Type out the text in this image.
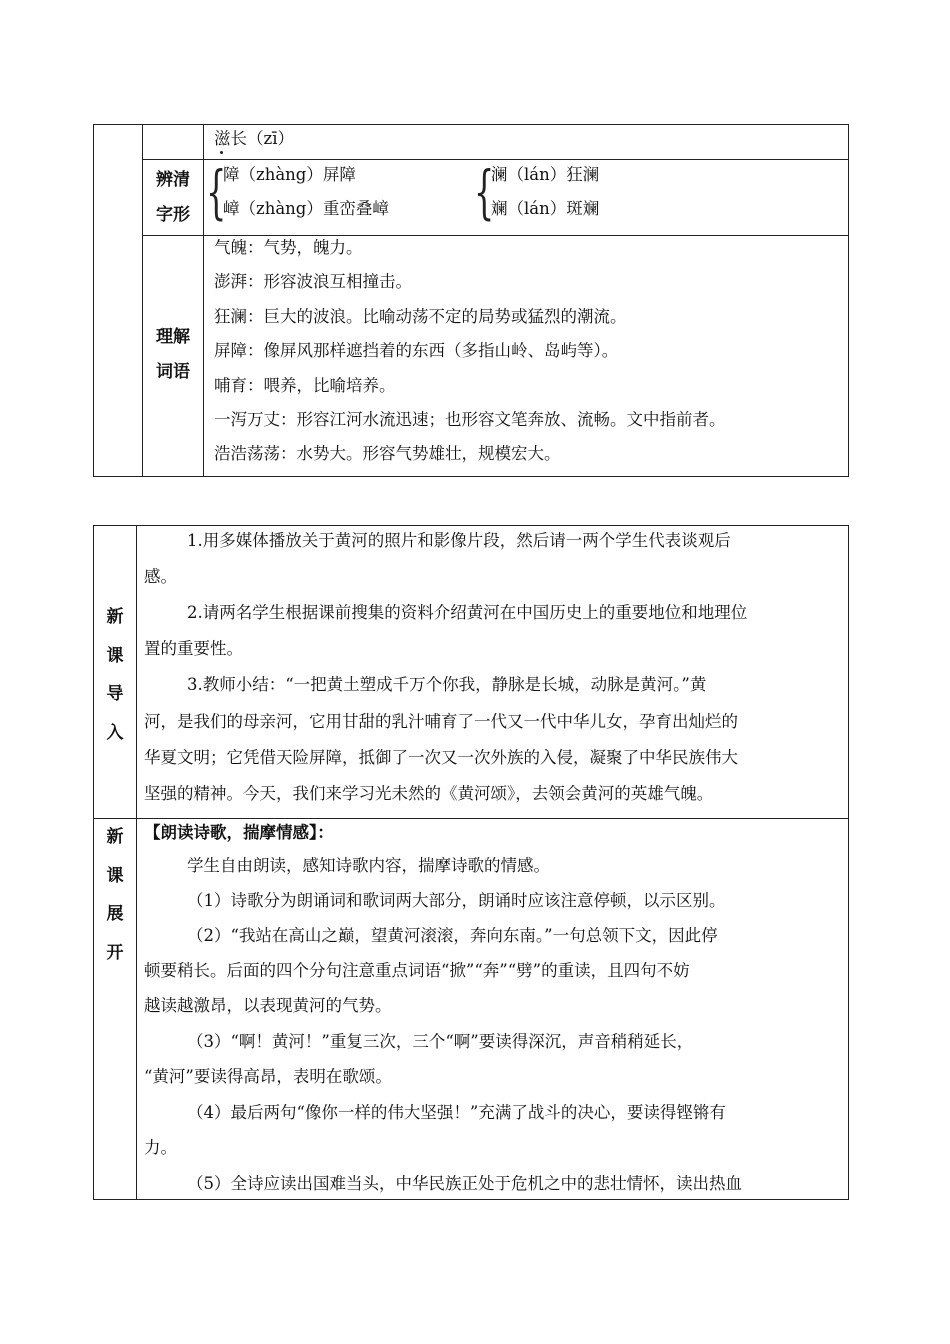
滋长（zī）
辨清
字形 {
障（zhàng）屏障
嶂（zhàng）重峦叠嶂 {
澜（lán）狂澜
斓（lán）斑斓
理解
词语
气魄：气势，魄力。
澎湃：形容波浪互相撞击。
狂澜：巨大的波浪。比喻动荡不定的局势或猛烈的潮流。
屏障：像屏风那样遮挡着的东西（多指山岭、岛屿等）。
哺育：喂养，比喻培养。
一泻万丈：形容江河水流迅速；也形容文笔奔放、流畅。文中指前者。
浩浩荡荡：水势大。形容气势雄壮，规模宏大。
新
课
导
入
1.用多媒体播放关于黄河的照片和影像片段，然后请一两个学生代表谈观后
感。
2.请两名学生根据课前搜集的资料介绍黄河在中国历史上的重要地位和地理位
置的重要性。
3.教师小结：“一把黄土塑成千万个你我，静脉是长城，动脉是黄河。”黄
河，是我们的母亲河，它用甘甜的乳汁哺育了一代又一代中华儿女，孕育出灿烂的
华夏文明；它凭借天险屏障，抵御了一次又一次外族的入侵，凝聚了中华民族伟大
坚强的精神。今天，我们来学习光未然的《黄河颂》，去领会黄河的英雄气魄。
新
课
展
开
【朗读诗歌，揣摩情感】：
学生自由朗读，感知诗歌内容，揣摩诗歌的情感。
（1）诗歌分为朗诵词和歌词两大部分，朗诵时应该注意停顿，以示区别。
（2）“我站在高山之巅，望黄河滚滚，奔向东南。”一句总领下文，因此停
顿要稍长。后面的四个分句注意重点词语“掀”“奔”“劈”的重读，且四句不妨
越读越激昂，以表现黄河的气势。
（3）“啊！黄河！”重复三次，三个“啊”要读得深沉，声音稍稍延长，
“黄河”要读得高昂，表明在歌颂。
（4）最后两句“像你一样的伟大坚强！”充满了战斗的决心，要读得铿锵有
力。
（5）全诗应读出国难当头，中华民族正处于危机之中的悲壮情怀，读出热血
